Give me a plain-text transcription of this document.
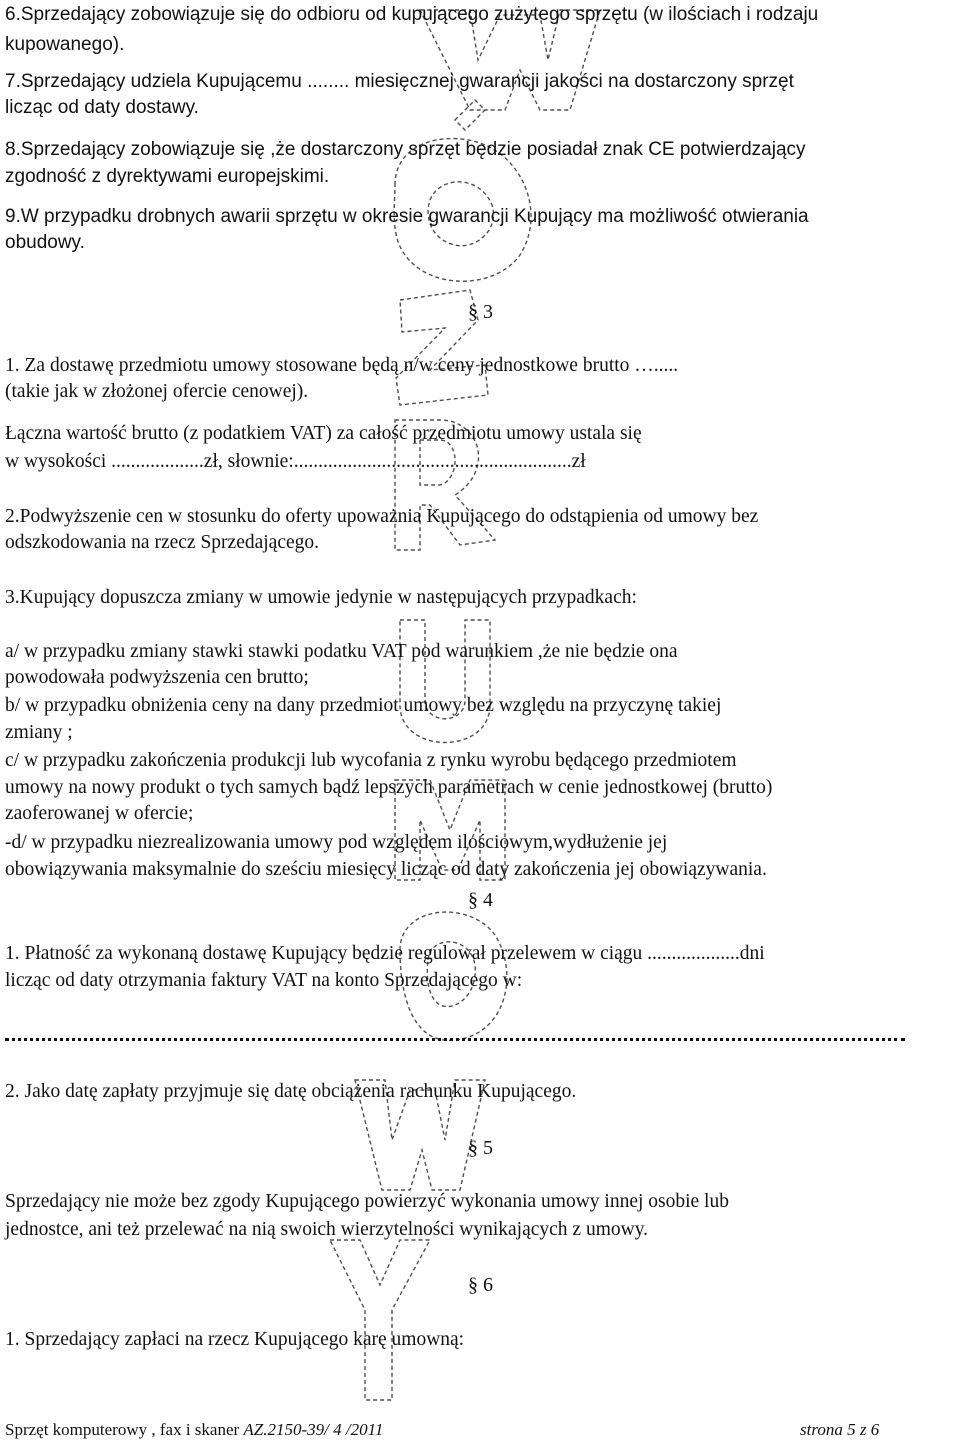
6.Sprzedający zobowiązuje się do odbioru od kupującego zużytego sprzętu (w ilościach i rodzaju
kupowanego).
7.Sprzedający udziela Kupującemu ........ miesięcznej gwarancji jakości na dostarczony sprzęt
licząc od daty dostawy.
8.Sprzedający zobowiązuje się ,że dostarczony sprzęt będzie posiadał znak CE potwierdzający
zgodność z dyrektywami europejskimi.
9.W przypadku drobnych awarii sprzętu w okresie gwarancji Kupujący ma możliwość otwierania
obudowy.
§ 3
1. Za dostawę przedmiotu umowy stosowane będą n/w ceny jednostkowe brutto ….....
(takie jak w złożonej ofercie cenowej).
Łączna wartość brutto (z podatkiem VAT) za całość przedmiotu umowy ustala się
w wysokości ...................zł, słownie:.........................................................zł
2.Podwyższenie cen w stosunku do oferty upoważnia Kupującego do odstąpienia od umowy bez
odszkodowania na rzecz Sprzedającego.
3.Kupujący dopuszcza zmiany w umowie jedynie w następujących przypadkach:
a/ w przypadku zmiany stawki stawki podatku VAT pod warunkiem ,że nie będzie ona
powodowała podwyższenia cen brutto;
b/ w przypadku obniżenia ceny na dany przedmiot umowy bez względu na przyczynę takiej
zmiany ;
c/ w przypadku zakończenia produkcji lub wycofania z rynku wyrobu będącego przedmiotem
umowy na nowy produkt o tych samych bądź lepszych parametrach w cenie jednostkowej (brutto)
zaoferowanej w ofercie;
-d/ w przypadku niezrealizowania umowy pod względem ilościowym,wydłużenie jej
obowiązywania maksymalnie do sześciu miesięcy licząc od daty zakończenia jej obowiązywania.
§ 4
1. Płatność za wykonaną dostawę Kupujący będzie regulował przelewem w ciągu ...................dni
licząc od daty otrzymania faktury VAT na konto Sprzedającego w:
2. Jako datę zapłaty przyjmuje się datę obciążenia rachunku Kupującego.
§ 5
Sprzedający nie może bez zgody Kupującego powierzyć wykonania umowy innej osobie lub
jednostce, ani też przelewać na nią swoich wierzytelności wynikających z umowy.
§ 6
1. Sprzedający zapłaci na rzecz Kupującego karę umowną:
Sprzęt komputerowy , fax i skaner AZ.2150-39/ 4 /2011	strona 5 z 6
